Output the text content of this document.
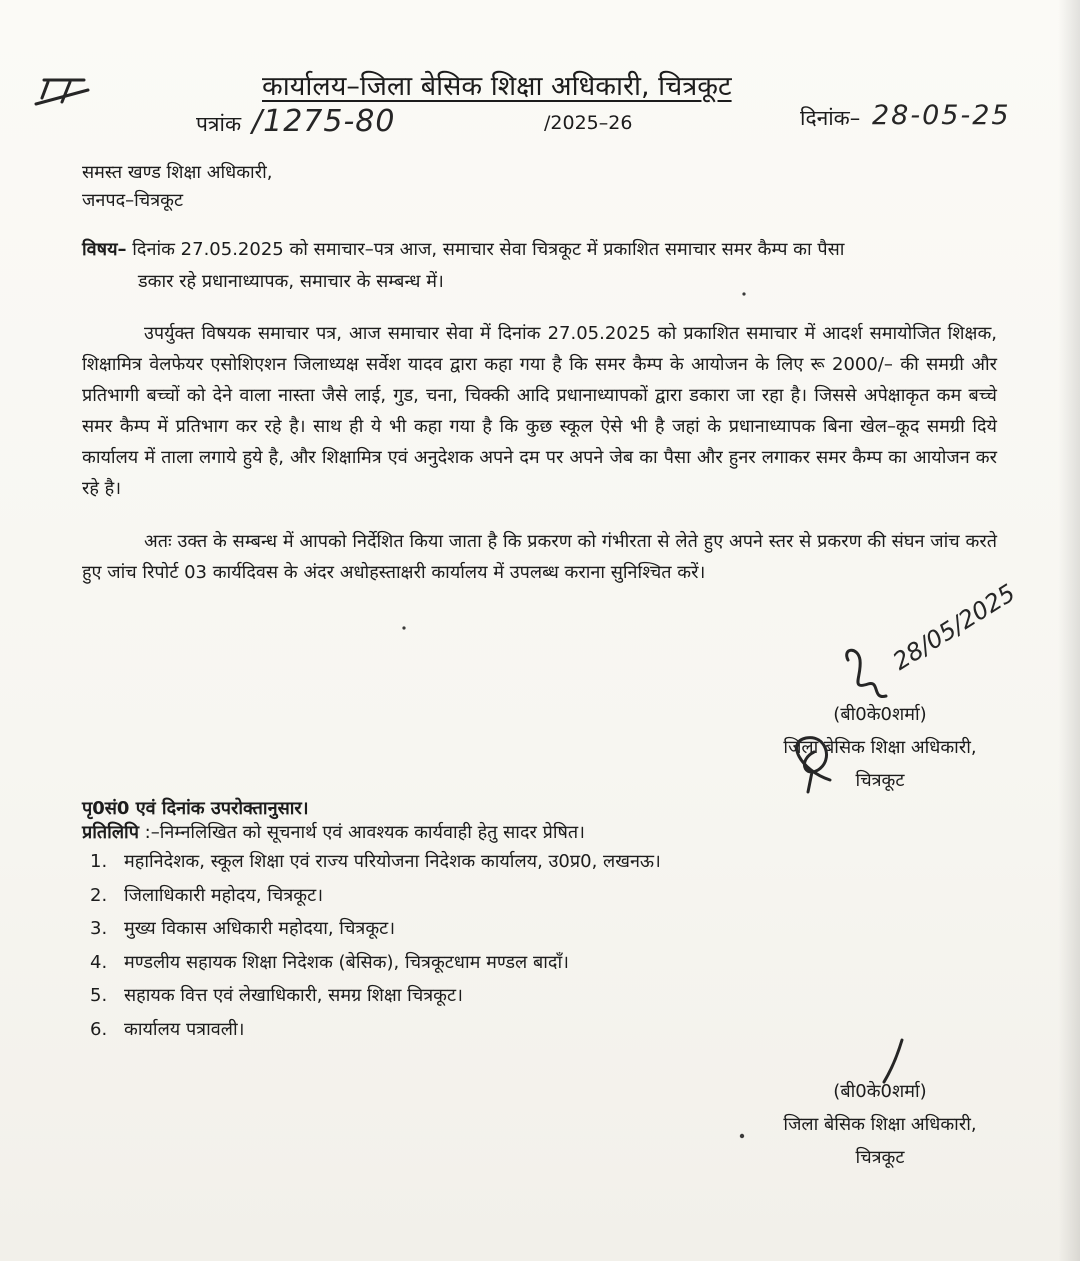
कार्यालय–जिला बेसिक शिक्षा अधिकारी, चित्रकूट
पत्रांक /1275-80	/2025–26	दिनांक– 28-05-25
समस्त खण्ड शिक्षा अधिकारी,
जनपद–चित्रकूट
विषय– दिनांक 27.05.2025 को समाचार–पत्र आज, समाचार सेवा चित्रकूट में प्रकाशित समाचार समर कैम्प का पैसा
डकार रहे प्रधानाध्यापक, समाचार के सम्बन्ध में।

उपर्युक्त विषयक समाचार पत्र, आज समाचार सेवा में दिनांक 27.05.2025 को प्रकाशित समाचार में आदर्श समायोजित शिक्षक, शिक्षामित्र वेलफेयर एसोशिएशन जिलाध्यक्ष सर्वेश यादव द्वारा कहा गया है कि समर कैम्प के आयोजन के लिए रू 2000/– की समग्री और प्रतिभागी बच्चों को देने वाला नास्ता जैसे लाई, गुड, चना, चिक्की आदि प्रधानाध्यापकों द्वारा डकारा जा रहा है। जिससे अपेक्षाकृत कम बच्चे समर कैम्प में प्रतिभाग कर रहे है। साथ ही ये भी कहा गया है कि कुछ स्कूल ऐसे भी है जहां के प्रधानाध्यापक बिना खेल–कूद समग्री दिये कार्यालय में ताला लगाये हुये है, और शिक्षामित्र एवं अनुदेशक अपने दम पर अपने जेब का पैसा और हुनर लगाकर समर कैम्प का आयोजन कर रहे है।

अतः उक्त के सम्बन्ध में आपको निर्देशित किया जाता है कि प्रकरण को गंभीरता से लेते हुए अपने स्तर से प्रकरण की संघन जांच करते हुए जांच रिपोर्ट 03 कार्यदिवस के अंदर अधोहस्ताक्षरी कार्यालय में उपलब्ध कराना सुनिश्चित करें।

(बी0के0शर्मा)
जिला बेसिक शिक्षा अधिकारी,
चित्रकूट
28/05/2025
पृ0सं0 एवं दिनांक उपरोक्तानुसार।
प्रतिलिपि :–निम्नलिखित को सूचनार्थ एवं आवश्यक कार्यवाही हेतु सादर प्रेषित।
1. महानिदेशक, स्कूल शिक्षा एवं राज्य परियोजना निदेशक कार्यालय, उ0प्र0, लखनऊ।
2. जिलाधिकारी महोदय, चित्रकूट।
3. मुख्य विकास अधिकारी महोदया, चित्रकूट।
4. मण्डलीय सहायक शिक्षा निदेशक (बेसिक), चित्रकूटधाम मण्डल बादाँ।
5. सहायक वित्त एवं लेखाधिकारी, समग्र शिक्षा चित्रकूट।
6. कार्यालय पत्रावली।
(बी0के0शर्मा)
जिला बेसिक शिक्षा अधिकारी,
चित्रकूट
